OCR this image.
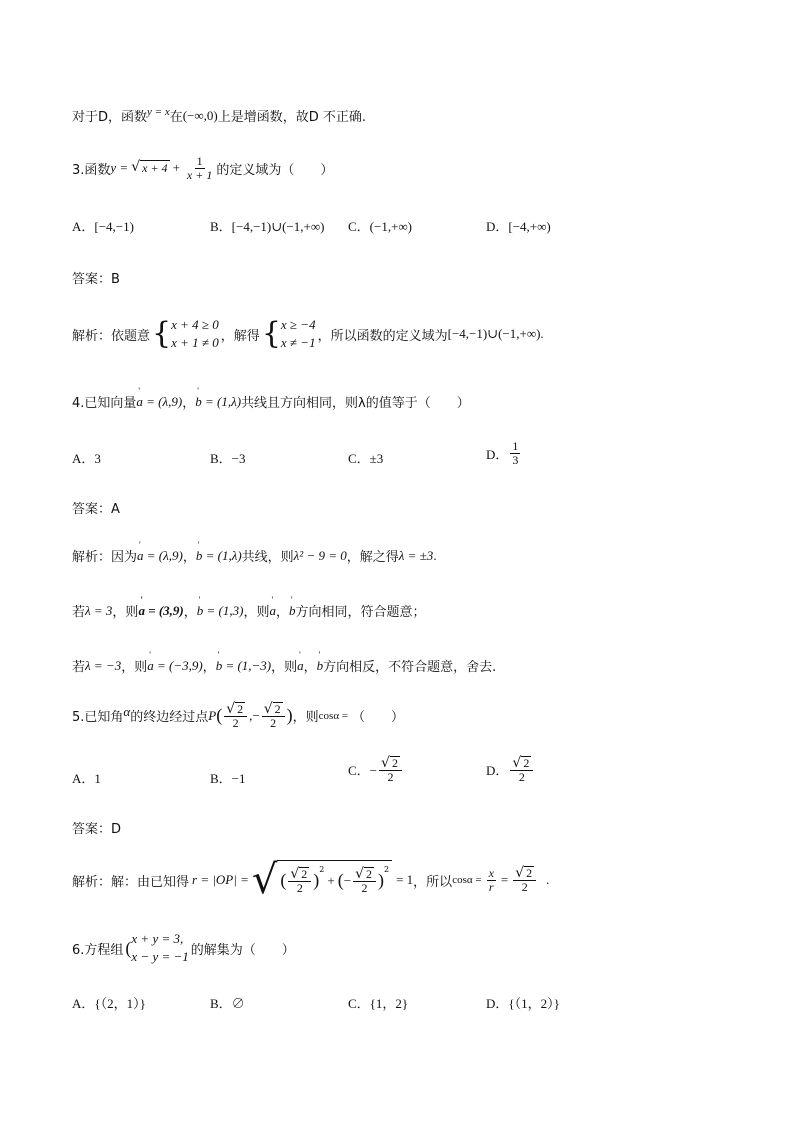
对于D，函数 y = x 在 (−∞,0) 上是增函数，故D 不正确.
3.函数 y = √ $x + 4 + \frac{1}{x + 1}$ 的定义域为（　　）
A．[−4,−1)	B．[−4,−1)∪(−1,+∞) C．(−1,+∞)	D．[−4,+∞)
答案：B
解析：依题意 { x + 4 ≥ 0
x + 1 ≠ 0 ，解得 { x ≥ −4
x ≠ −1 ，所以函数的定义域为 [−4,−1)∪(−1,+∞).
4.已知向量 ' a = (λ,9) ， ' b = (1,λ) 共线且方向相同，则λ的值等于（　　）
A．3	B．−3	C．±3	D． $\frac{1}{3}$
答案：A
解析：因为 ' a = (λ,9) ， ' b = (1,λ) 共线，则 λ² − 9 = 0 ，解之得 λ = ±3 .
若 λ = 3 ，则 ' a = (3,9) ， ' b = (1,3) ，则 ' a ， ' b 方向相同，符合题意；
若 λ = −3 ，则 ' a = (−3,9) ， ' b = (1,−3) ，则 ' a ， ' b 方向相反，不符合题意，舍去.
5.已知角 α 的终边经过点 P ( $\frac{√ 2}{2}$ ,− $\frac{√ 2}{2}$ ) ，则 cosα = （　　）
A．1	B．−1
C．− $\frac{√ 2}{2}$	D． $\frac{√ 2}{2}$
答案：D
解析：解：由已知得 r = |OP| = √ ( $\frac{√ 2}{2}$ )
$^2$
+ ( − $\frac{√ 2}{2}$ )
$^2$
= 1 ，所以 $\cos\alpha = \frac{x}{r} = \frac{√ 2}{2}$ .
6.方程组 ( x + y = 3,
x − y = −1 的解集为（　　）
A．{（2，1）}	B．∅	C．{1，2}	D．{（1，2）}
